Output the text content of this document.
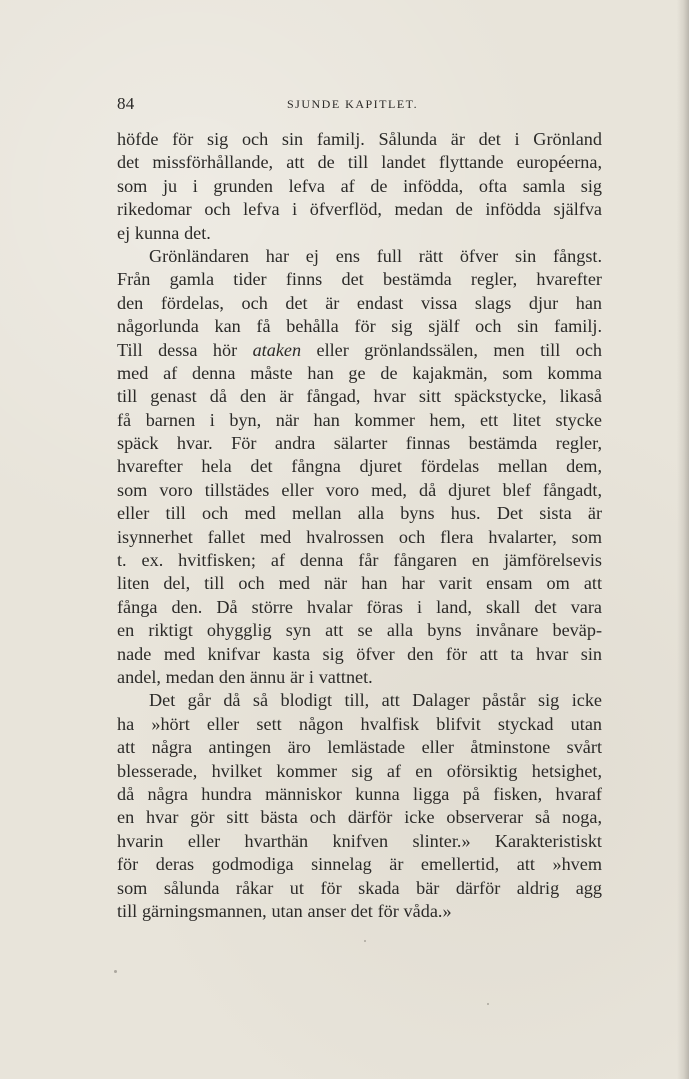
84	SJUNDE KAPITLET.
höfde för sig och sin familj. Sålunda är det i Grönland
det missförhållande, att de till landet flyttande européerna,
som ju i grunden lefva af de infödda, ofta samla sig
rikedomar och lefva i öfverflöd, medan de infödda själfva
ej kunna det.
Grönländaren har ej ens full rätt öfver sin fångst.
Från gamla tider finns det bestämda regler, hvarefter
den fördelas, och det är endast vissa slags djur han
någorlunda kan få behålla för sig själf och sin familj.
Till dessa hör ataken eller grönlandssälen, men till och
med af denna måste han ge de kajakmän, som komma
till genast då den är fångad, hvar sitt späckstycke, likaså
få barnen i byn, när han kommer hem, ett litet stycke
späck hvar. För andra sälarter finnas bestämda regler,
hvarefter hela det fångna djuret fördelas mellan dem,
som voro tillstädes eller voro med, då djuret blef fångadt,
eller till och med mellan alla byns hus. Det sista är
isynnerhet fallet med hvalrossen och flera hvalarter, som
t. ex. hvitfisken; af denna får fångaren en jämförelsevis
liten del, till och med när han har varit ensam om att
fånga den. Då större hvalar föras i land, skall det vara
en riktigt ohygglig syn att se alla byns invånare beväp-
nade med knifvar kasta sig öfver den för att ta hvar sin
andel, medan den ännu är i vattnet.
Det går då så blodigt till, att Dalager påstår sig icke
ha »hört eller sett någon hvalfisk blifvit styckad utan
att några antingen äro lemlästade eller åtminstone svårt
blesserade, hvilket kommer sig af en oförsiktig hetsighet,
då några hundra människor kunna ligga på fisken, hvaraf
en hvar gör sitt bästa och därför icke observerar så noga,
hvarin eller hvarthän knifven slinter.» Karakteristiskt
för deras godmodiga sinnelag är emellertid, att »hvem
som sålunda råkar ut för skada bär därför aldrig agg
till gärningsmannen, utan anser det för våda.»
